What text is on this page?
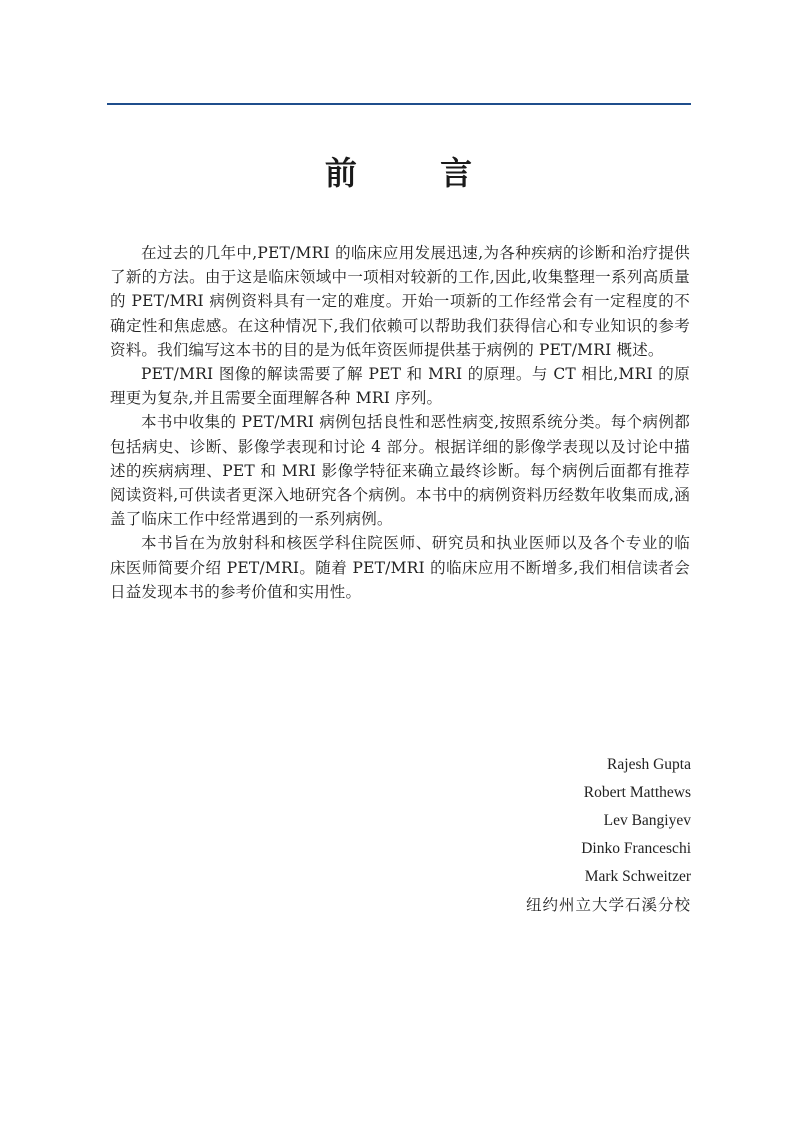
前 言

在过去的几年中,PET/MRI 的临床应用发展迅速,为各种疾病的诊断和治疗提供了新的方法。由于这是临床领域中一项相对较新的工作,因此,收集整理一系列高质量的 PET/MRI 病例资料具有一定的难度。开始一项新的工作经常会有一定程度的不确定性和焦虑感。在这种情况下,我们依赖可以帮助我们获得信心和专业知识的参考资料。我们编写这本书的目的是为低年资医师提供基于病例的 PET/MRI 概述。

PET/MRI 图像的解读需要了解 PET 和 MRI 的原理。与 CT 相比,MRI 的原理更为复杂,并且需要全面理解各种 MRI 序列。

本书中收集的 PET/MRI 病例包括良性和恶性病变,按照系统分类。每个病例都包括病史、诊断、影像学表现和讨论 4 部分。根据详细的影像学表现以及讨论中描述的疾病病理、PET 和 MRI 影像学特征来确立最终诊断。每个病例后面都有推荐阅读资料,可供读者更深入地研究各个病例。本书中的病例资料历经数年收集而成,涵盖了临床工作中经常遇到的一系列病例。

本书旨在为放射科和核医学科住院医师、研究员和执业医师以及各个专业的临床医师简要介绍 PET/MRI。随着 PET/MRI 的临床应用不断增多,我们相信读者会日益发现本书的参考价值和实用性。

Rajesh Gupta
Robert Matthews
Lev Bangiyev
Dinko Franceschi
Mark Schweitzer
纽约州立大学石溪分校
